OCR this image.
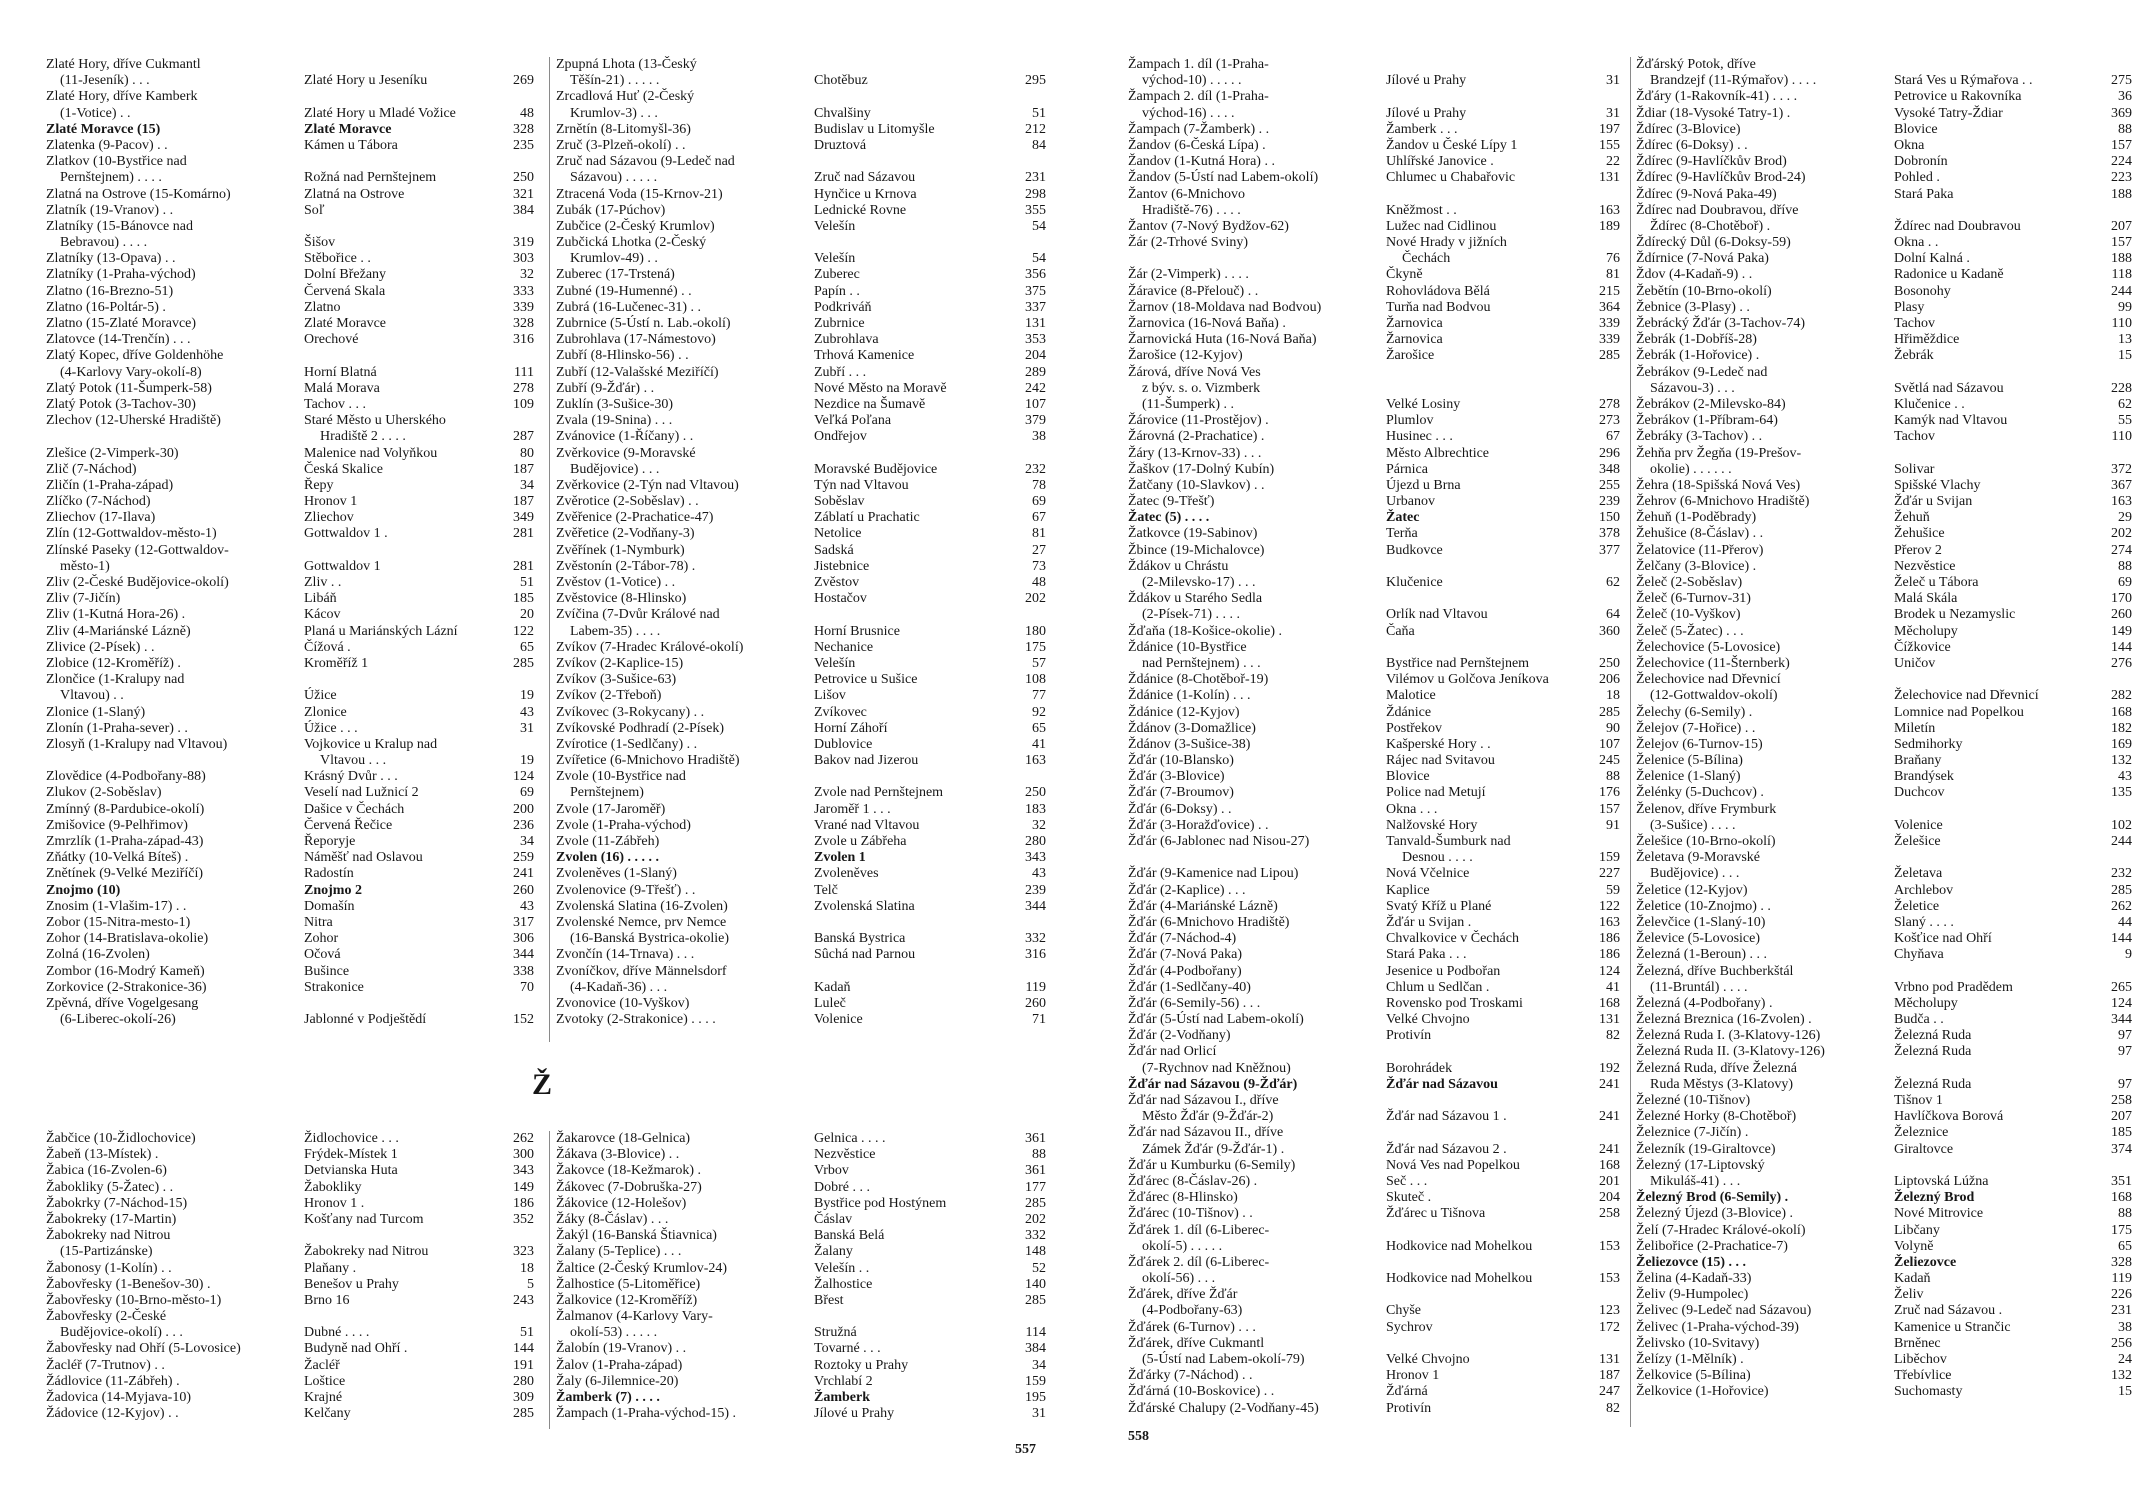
Zlaté Hory, dříve Cukmantl
(11-Jeseník) . . .	Zlaté Hory u Jeseníku	269
Zlaté Hory, dříve Kamberk
(1-Votice) . .	Zlaté Hory u Mladé Vožice	48
Zlaté Moravce (15)	Zlaté Moravce	328
Zlatenka (9-Pacov) . .	Kámen u Tábora	235
Zlatkov (10-Bystřice nad
Pernštejnem) . . . .	Rožná nad Pernštejnem	250
Zlatná na Ostrove (15-Komárno)	Zlatná na Ostrove	321
Zlatník (19-Vranov) . .	Soľ	384
Zlatníky (15-Bánovce nad
Bebravou) . . . .	Šišov	319
Zlatníky (13-Opava) . .	Stěbořice . .	303
Zlatníky (1-Praha-východ)	Dolní Břežany	32
Zlatno (16-Brezno-51)	Červená Skala	333
Zlatno (16-Poltár-5) .	Zlatno	339
Zlatno (15-Zlaté Moravce)	Zlaté Moravce	328
Zlatovce (14-Trenčín) . . .	Orechové	316
Zlatý Kopec, dříve Goldenhöhe
(4-Karlovy Vary-okolí-8)	Horní Blatná	111
Zlatý Potok (11-Šumperk-58)	Malá Morava	278
Zlatý Potok (3-Tachov-30)	Tachov . . .	109
Zlechov (12-Uherské Hradiště)	Staré Město u Uherského
Hradiště 2 . . . .	287
Zlešice (2-Vimperk-30)	Malenice nad Volyňkou	80
Zlič (7-Náchod)	Česká Skalice	187
Zličín (1-Praha-západ)	Řepy	34
Zlíčko (7-Náchod)	Hronov 1	187
Zliechov (17-Ilava)	Zliechov	349
Zlín (12-Gottwaldov-město-1)	Gottwaldov 1 .	281
Zlínské Paseky (12-Gottwaldov-
město-1)	Gottwaldov 1	281
Zliv (2-České Budějovice-okolí)	Zliv . .	51
Zliv (7-Jičín)	Libáň	185
Zliv (1-Kutná Hora-26) .	Kácov	20
Zliv (4-Mariánské Lázně)	Planá u Mariánských Lázní	122
Zlivice (2-Písek) . .	Čížová .	65
Zlobice (12-Kroměříž) .	Kroměříž 1	285
Zlončice (1-Kralupy nad
Vltavou) . .	Úžice	19
Zlonice (1-Slaný)	Zlonice	43
Zlonín (1-Praha-sever) . .	Úžice . . .	31
Zlosyň (1-Kralupy nad Vltavou)	Vojkovice u Kralup nad
Vltavou . . .	19
Zlovědice (4-Podbořany-88)	Krásný Dvůr . . .	124
Zlukov (2-Soběslav)	Veselí nad Lužnicí 2	69
Zmínný (8-Pardubice-okolí)	Dašice v Čechách	200
Zmišovice (9-Pelhřimov)	Červená Řečice	236
Zmrzlík (1-Praha-západ-43)	Řeporyje	34
Zňátky (10-Velká Bíteš) .	Náměšť nad Oslavou	259
Znětínek (9-Velké Meziříčí)	Radostín	241
Znojmo (10)	Znojmo 2	260
Znosim (1-Vlašim-17) . .	Domašín	43
Zobor (15-Nitra-mesto-1)	Nitra	317
Zohor (14-Bratislava-okolie)	Zohor	306
Zolná (16-Zvolen)	Očová	344
Zombor (16-Modrý Kameň)	Bušince	338
Zorkovice (2-Strakonice-36)	Strakonice	70
Zpěvná, dříve Vogelgesang
(6-Liberec-okolí-26)	Jablonné v Podještědí	152
Zpupná Lhota (13-Český
Těšín-21) . . . . .	Chotěbuz	295
Zrcadlová Huť (2-Český
Krumlov-3) . . .	Chvalšiny	51
Zrnětín (8-Litomyšl-36)	Budislav u Litomyšle	212
Zruč (3-Plzeň-okolí) . .	Druztová	84
Zruč nad Sázavou (9-Ledeč nad
Sázavou) . . . . .	Zruč nad Sázavou	231
Ztracená Voda (15-Krnov-21)	Hynčice u Krnova	298
Zubák (17-Púchov)	Lednické Rovne	355
Zubčice (2-Český Krumlov)	Velešín	54
Zubčická Lhotka (2-Český
Krumlov-49) . .	Velešín	54
Zuberec (17-Trstená)	Zuberec	356
Zubné (19-Humenné) . .	Papín . .	375
Zubrá (16-Lučenec-31) . .	Podkriváň	337
Zubrnice (5-Ústí n. Lab.-okolí)	Zubrnice	131
Zubrohlava (17-Námestovo)	Zubrohlava	353
Zubří (8-Hlinsko-56) . .	Trhová Kamenice	204
Zubří (12-Valašské Meziříčí)	Zubří . . .	289
Zubří (9-Žďár) . .	Nové Město na Moravě	242
Zuklín (3-Sušice-30)	Nezdice na Šumavě	107
Zvala (19-Snina) . . .	Veľká Poľana	379
Zvánovice (1-Říčany) . .	Ondřejov	38
Zvěrkovice (9-Moravské
Budějovice) . . .	Moravské Budějovice	232
Zvěrkovice (2-Týn nad Vltavou)	Týn nad Vltavou	78
Zvěrotice (2-Soběslav) . .	Soběslav	69
Zvěřenice (2-Prachatice-47)	Záblatí u Prachatic	67
Zvěřetice (2-Vodňany-3)	Netolice	81
Zvěřínek (1-Nymburk)	Sadská	27
Zvěstonín (2-Tábor-78) .	Jistebnice	73
Zvěstov (1-Votice) . .	Zvěstov	48
Zvěstovice (8-Hlinsko)	Hostačov	202
Zvíčina (7-Dvůr Králové nad
Labem-35) . . . .	Horní Brusnice	180
Zvíkov (7-Hradec Králové-okolí)	Nechanice	175
Zvíkov (2-Kaplice-15)	Velešín	57
Zvíkov (3-Sušice-63)	Petrovice u Sušice	108
Zvíkov (2-Třeboň)	Lišov	77
Zvíkovec (3-Rokycany) . .	Zvíkovec	92
Zvíkovské Podhradí (2-Písek)	Horní Záhoří	65
Zvírotice (1-Sedlčany) . .	Dublovice	41
Zvířetice (6-Mnichovo Hradiště)	Bakov nad Jizerou	163
Zvole (10-Bystřice nad
Pernštejnem)	Zvole nad Pernštejnem	250
Zvole (17-Jaroměř)	Jaroměř 1 . . .	183
Zvole (1-Praha-východ)	Vrané nad Vltavou	32
Zvole (11-Zábřeh)	Zvole u Zábřeha	280
Zvolen (16) . . . . .	Zvolen 1	343
Zvoleněves (1-Slaný)	Zvoleněves	43
Zvolenovice (9-Třešť) . .	Telč	239
Zvolenská Slatina (16-Zvolen)	Zvolenská Slatina	344
Zvolenské Nemce, prv Nemce
(16-Banská Bystrica-okolie)	Banská Bystrica	332
Zvončín (14-Trnava) . . .	Sûchá nad Parnou	316
Zvoníčkov, dříve Männelsdorf
(4-Kadaň-36) . . .	Kadaň	119
Zvonovice (10-Vyškov)	Luleč	260
Zvotoky (2-Strakonice) . . . .	Volenice	71
Ž
Žabčice (10-Židlochovice)	Židlochovice . . .	262
Žabeň (13-Místek) .	Frýdek-Místek 1	300
Žabica (16-Zvolen-6)	Detvianska Huta	343
Žabokliky (5-Žatec) . .	Žabokliky	149
Žabokrky (7-Náchod-15)	Hronov 1 .	186
Žabokreky (17-Martin)	Košťany nad Turcom	352
Žabokreky nad Nitrou
(15-Partizánske)	Žabokreky nad Nitrou	323
Žabonosy (1-Kolín) . .	Plaňany .	18
Žabovřesky (1-Benešov-30) .	Benešov u Prahy	5
Žabovřesky (10-Brno-město-1)	Brno 16	243
Žabovřesky (2-České
Budějovice-okolí) . . .	Dubné . . . .	51
Žabovřesky nad Ohří (5-Lovosice)	Budyně nad Ohří .	144
Žacléř (7-Trutnov) . .	Žacléř	191
Žádlovice (11-Zábřeh) .	Loštice	280
Žadovica (14-Myjava-10)	Krajné	309
Žádovice (12-Kyjov) . .	Kelčany	285
Žakarovce (18-Gelnica)	Gelnica . . . .	361
Žákava (3-Blovice) . .	Nezvěstice	88
Žakovce (18-Kežmarok) .	Vrbov	361
Žákovec (7-Dobruška-27)	Dobré . . .	177
Žákovice (12-Holešov)	Bystřice pod Hostýnem	285
Žáky (8-Čáslav) . . .	Čáslav	202
Žakýl (16-Banská Štiavnica)	Banská Belá	332
Žalany (5-Teplice) . . .	Žalany	148
Žaltice (2-Český Krumlov-24)	Velešín . .	52
Žalhostice (5-Litoměřice)	Žalhostice	140
Žalkovice (12-Kroměříž)	Břest	285
Žalmanov (4-Karlovy Vary-
okolí-53) . . . . .	Stružná	114
Žalobín (19-Vranov) . .	Tovarné . . .	384
Žalov (1-Praha-západ)	Roztoky u Prahy	34
Žaly (6-Jilemnice-20)	Vrchlabí 2	159
Žamberk (7) . . . .	Žamberk	195
Žampach (1-Praha-východ-15) .	Jílové u Prahy	31
557
Žampach 1. díl (1-Praha-
východ-10) . . . . .	Jílové u Prahy	31
Žampach 2. díl (1-Praha-
východ-16) . . . .	Jílové u Prahy	31
Žampach (7-Žamberk) . .	Žamberk . . .	197
Žandov (6-Česká Lípa) .	Žandov u České Lípy 1	155
Žandov (1-Kutná Hora) . .	Uhlířské Janovice .	22
Žandov (5-Ústí nad Labem-okolí)	Chlumec u Chabařovic	131
Žantov (6-Mnichovo
Hradiště-76) . . . .	Kněžmost . .	163
Žantov (7-Nový Bydžov-62)	Lužec nad Cidlinou	189
Žár (2-Trhové Sviny)	Nové Hrady v jižních
Čechách	76
Žár (2-Vimperk) . . . .	Čkyně	81
Žáravice (8-Přelouč) . .	Rohovládova Bělá	215
Žarnov (18-Moldava nad Bodvou)	Turňa nad Bodvou	364
Žarnovica (16-Nová Baňa) .	Žarnovica	339
Žarnovická Huta (16-Nová Baňa)	Žarnovica	339
Žarošice (12-Kyjov)	Žarošice	285
Žárová, dříve Nová Ves
z býv. s. o. Vizmberk
(11-Šumperk) . .	Velké Losiny	278
Žárovice (11-Prostějov) .	Plumlov	273
Žárovná (2-Prachatice) .	Husinec . . .	67
Žáry (13-Krnov-33) . . .	Město Albrechtice	296
Žaškov (17-Dolný Kubín)	Párnica	348
Žatčany (10-Slavkov) . .	Újezd u Brna	255
Žatec (9-Třešť)	Urbanov	239
Žatec (5) . . . .	Žatec	150
Žatkovce (19-Sabinov)	Terňa	378
Žbince (19-Michalovce)	Budkovce	377
Ždákov u Chrástu
(2-Milevsko-17) . . .	Klučenice	62
Ždákov u Starého Sedla
(2-Písek-71) . . . .	Orlík nad Vltavou	64
Žďaňa (18-Košice-okolie) .	Čaňa	360
Ždánice (10-Bystřice
nad Pernštejnem) . . .	Bystřice nad Pernštejnem	250
Ždánice (8-Chotěboř-19)	Vilémov u Golčova Jeníkova	206
Ždánice (1-Kolín) . . .	Malotice	18
Ždánice (12-Kyjov)	Ždánice	285
Ždánov (3-Domažlice)	Postřekov	90
Ždánov (3-Sušice-38)	Kašperské Hory . .	107
Žďár (10-Blansko)	Rájec nad Svitavou	245
Žďár (3-Blovice)	Blovice	88
Žďár (7-Broumov)	Police nad Metují	176
Žďár (6-Doksy) . .	Okna . . .	157
Žďár (3-Horažďovice) . .	Nalžovské Hory	91
Žďár (6-Jablonec nad Nisou-27)	Tanvald-Šumburk nad
Desnou . . . .	159
Žďár (9-Kamenice nad Lipou)	Nová Včelnice	227
Žďár (2-Kaplice) . . .	Kaplice	59
Žďár (4-Mariánské Lázně)	Svatý Kříž u Plané	122
Žďár (6-Mnichovo Hradiště)	Žďár u Svijan .	163
Žďár (7-Náchod-4)	Chvalkovice v Čechách	186
Žďár (7-Nová Paka)	Stará Paka . . .	186
Žďár (4-Podbořany)	Jesenice u Podbořan	124
Žďár (1-Sedlčany-40)	Chlum u Sedlčan .	41
Žďár (6-Semily-56) . . .	Rovensko pod Troskami	168
Žďár (5-Ústí nad Labem-okolí)	Velké Chvojno	131
Žďár (2-Vodňany)	Protivín	82
Žďár nad Orlicí
(7-Rychnov nad Kněžnou)	Borohrádek	192
Žďár nad Sázavou (9-Žďár)	Žďár nad Sázavou	241
Žďár nad Sázavou I., dříve
Město Žďár (9-Žďár-2)	Žďár nad Sázavou 1 .	241
Žďár nad Sázavou II., dříve
Zámek Žďár (9-Žďár-1) .	Žďár nad Sázavou 2 .	241
Žďár u Kumburku (6-Semily)	Nová Ves nad Popelkou	168
Žďárec (8-Čáslav-26) .	Seč . . .	201
Žďárec (8-Hlinsko)	Skuteč .	204
Žďárec (10-Tišnov) . .	Žďárec u Tišnova	258
Žďárek 1. díl (6-Liberec-
okolí-5) . . . . .	Hodkovice nad Mohelkou	153
Žďárek 2. díl (6-Liberec-
okolí-56) . . .	Hodkovice nad Mohelkou	153
Žďárek, dříve Žďár
(4-Podbořany-63)	Chyše	123
Žďárek (6-Turnov) . . .	Sychrov	172
Žďárek, dříve Cukmantl
(5-Ústí nad Labem-okolí-79)	Velké Chvojno	131
Žďárky (7-Náchod) . .	Hronov 1	187
Žďárná (10-Boskovice) . .	Žďárná	247
Žďárské Chalupy (2-Vodňany-45)	Protivín	82
Žďárský Potok, dříve
Brandzejf (11-Rýmařov) . . . .	Stará Ves u Rýmařova . .	275
Žďáry (1-Rakovník-41) . . . .	Petrovice u Rakovníka	36
Ždiar (18-Vysoké Tatry-1) .	Vysoké Tatry-Ždiar	369
Ždírec (3-Blovice)	Blovice	88
Ždírec (6-Doksy) . .	Okna	157
Ždírec (9-Havlíčkův Brod)	Dobronín	224
Ždírec (9-Havlíčkův Brod-24)	Pohled .	223
Ždírec (9-Nová Paka-49)	Stará Paka	188
Ždírec nad Doubravou, dříve
Ždírec (8-Chotěboř) .	Ždírec nad Doubravou	207
Ždírecký Důl (6-Doksy-59)	Okna . .	157
Ždírnice (7-Nová Paka)	Dolní Kalná .	188
Ždov (4-Kadaň-9) . .	Radonice u Kadaně	118
Žebětín (10-Brno-okolí)	Bosonohy	244
Žebnice (3-Plasy) . .	Plasy	99
Žebrácký Žďár (3-Tachov-74)	Tachov	110
Žebrák (1-Dobříš-28)	Hřiměždice	13
Žebrák (1-Hořovice) .	Žebrák	15
Žebrákov (9-Ledeč nad
Sázavou-3) . . .	Světlá nad Sázavou	228
Žebrákov (2-Milevsko-84)	Klučenice . .	62
Žebrákov (1-Příbram-64)	Kamýk nad Vltavou	55
Žebráky (3-Tachov) . .	Tachov	110
Žehňa prv Žegňa (19-Prešov-
okolie) . . . . . .	Solivar	372
Žehra (18-Spišská Nová Ves)	Spišské Vlachy	367
Žehrov (6-Mnichovo Hradiště)	Žďár u Svijan	163
Žehuň (1-Poděbrady)	Žehuň	29
Žehušice (8-Čáslav) . .	Žehušice	202
Želatovice (11-Přerov)	Přerov 2	274
Želčany (3-Blovice) .	Nezvěstice	88
Želeč (2-Soběslav)	Želeč u Tábora	69
Želeč (6-Turnov-31)	Malá Skála	170
Želeč (10-Vyškov)	Brodek u Nezamyslic	260
Želeč (5-Žatec) . . .	Měcholupy	149
Želechovice (5-Lovosice)	Čížkovice	144
Želechovice (11-Šternberk)	Uničov	276
Želechovice nad Dřevnicí
(12-Gottwaldov-okolí)	Želechovice nad Dřevnicí	282
Želechy (6-Semily) .	Lomnice nad Popelkou	168
Želejov (7-Hořice) . .	Miletín	182
Želejov (6-Turnov-15)	Sedmihorky	169
Želenice (5-Bílina)	Braňany	132
Želenice (1-Slaný)	Brandýsek	43
Želénky (5-Duchcov) .	Duchcov	135
Želenov, dříve Frymburk
(3-Sušice) . . . .	Volenice	102
Želešice (10-Brno-okolí)	Želešice	244
Želetava (9-Moravské
Budějovice) . . .	Želetava	232
Želetice (12-Kyjov)	Archlebov	285
Želetice (10-Znojmo) . .	Želetice	262
Želevčice (1-Slaný-10)	Slaný . . . .	44
Želevice (5-Lovosice)	Košťice nad Ohří	144
Železná (1-Beroun) . . .	Chyňava	9
Železná, dříve Buchberkštál
(11-Bruntál) . . . .	Vrbno pod Pradědem	265
Železná (4-Podbořany) .	Měcholupy	124
Železná Breznica (16-Zvolen) .	Budča . .	344
Železná Ruda I. (3-Klatovy-126)	Železná Ruda	97
Železná Ruda II. (3-Klatovy-126)	Železná Ruda	97
Železná Ruda, dříve Železná
Ruda Městys (3-Klatovy)	Železná Ruda	97
Železné (10-Tišnov)	Tišnov 1	258
Železné Horky (8-Chotěboř)	Havlíčkova Borová	207
Železnice (7-Jičín) .	Železnice	185
Železník (19-Giraltovce)	Giraltovce	374
Železný (17-Liptovský
Mikuláš-41) . . .	Liptovská Lúžna	351
Železný Brod (6-Semily) .	Železný Brod	168
Železný Újezd (3-Blovice) .	Nové Mitrovice	88
Želí (7-Hradec Králové-okolí)	Libčany	175
Želibořice (2-Prachatice-7)	Volyně	65
Želiezovce (15) . . .	Želiezovce	328
Želina (4-Kadaň-33)	Kadaň	119
Želiv (9-Humpolec)	Želiv	226
Želivec (9-Ledeč nad Sázavou)	Zruč nad Sázavou .	231
Želivec (1-Praha-východ-39)	Kamenice u Strančic	38
Želivsko (10-Svitavy)	Brněnec	256
Želízy (1-Mělník) .	Liběchov	24
Želkovice (5-Bílina)	Třebívlice	132
Želkovice (1-Hořovice)	Suchomasty	15
558
